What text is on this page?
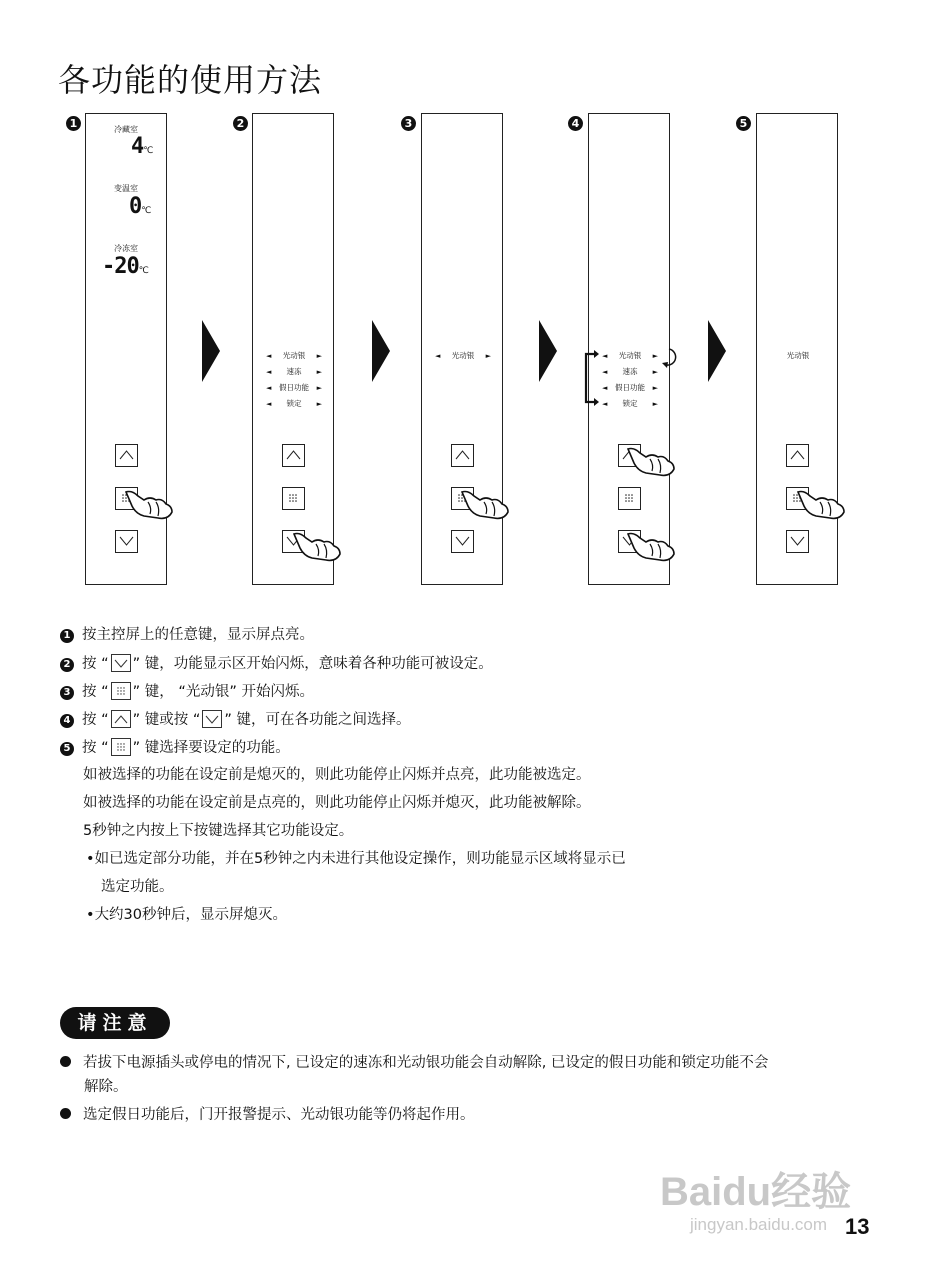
各功能的使用方法
1	2	3	4	5
冷藏室
4℃
变温室
0℃
冷冻室
-20℃
◄ 光动银 ►
◄ 速冻 ►
◄ 假日功能 ►
◄ 锁定 ►
◄ 光动银 ►	◄ 光动银 ►
◄ 速冻 ►
◄ 假日功能 ►
◄ 锁定 ►
光动银
1 按主控屏上的任意键，显示屏点亮。
2 按 “ ” 键，功能显示区开始闪烁，意味着各种功能可被设定。
3 按 “ ” 键， “光动银” 开始闪烁。
4 按 “ ” 键或按 “ ” 键，可在各功能之间选择。
5 按 “ ” 键选择要设定的功能。
如被选择的功能在设定前是熄灭的，则此功能停止闪烁并点亮，此功能被选定。
如被选择的功能在设定前是点亮的，则此功能停止闪烁并熄灭，此功能被解除。
5秒钟之内按上下按键选择其它功能设定。
•如已选定部分功能，并在5秒钟之内未进行其他设定操作，则功能显示区域将显示已
选定功能。
•大约30秒钟后，显示屏熄灭。
请注意
若拔下电源插头或停电的情况下, 已设定的速冻和光动银功能会自动解除, 已设定的假日功能和锁定功能不会
解除。
选定假日功能后，门开报警提示、光动银功能等仍将起作用。
Baidu经验
jingyan.baidu.com 13
